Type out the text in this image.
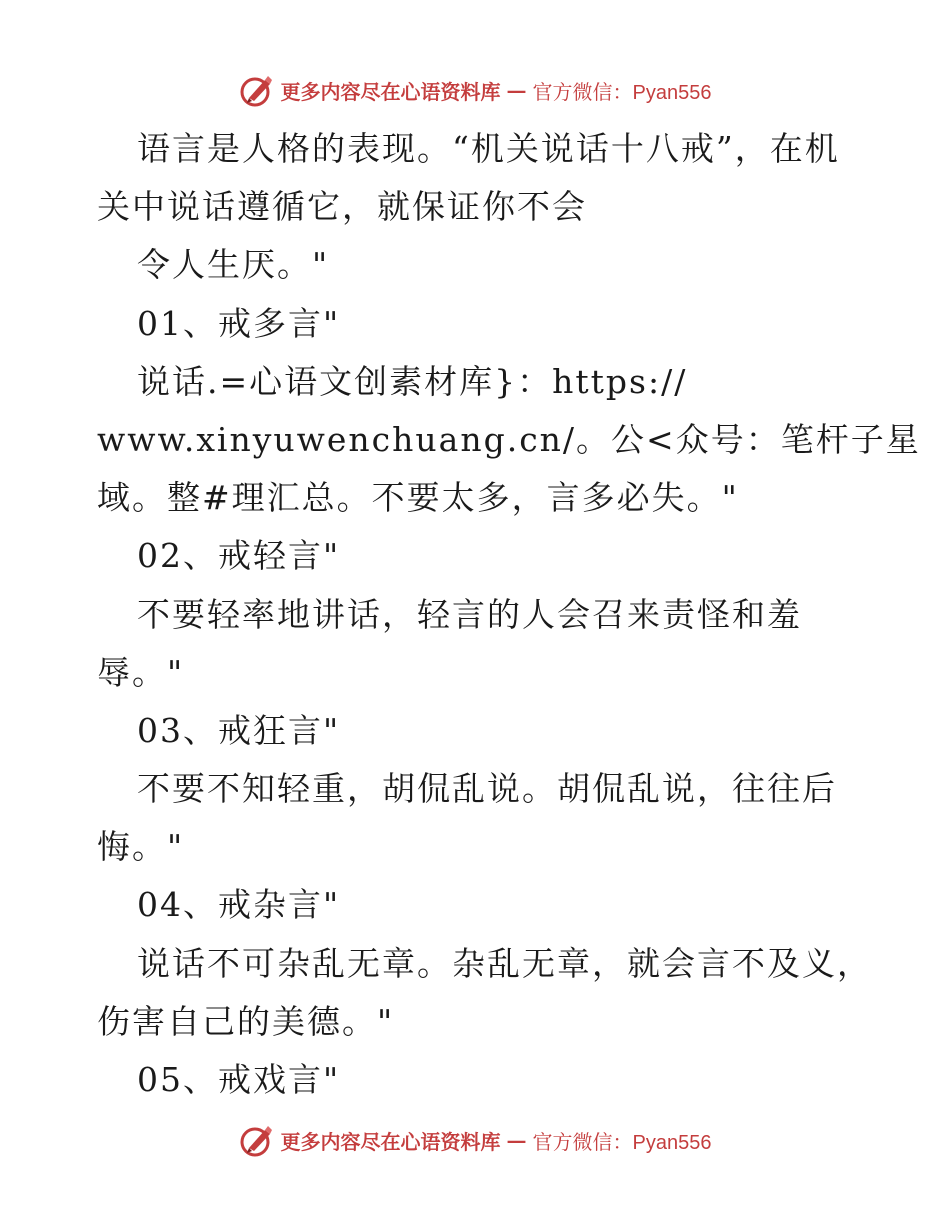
更多内容尽在心语资料库 — 官方微信：Pyan556
语言是人格的表现。“机关说话十八戒”，在机
关中说话遵循它，就保证你不会
令人生厌。"
01、戒多言"
说话.=心语文创素材库}：https://
www.xinyuwenchuang.cn/。公<众号：笔杆子星
域。整#理汇总。不要太多，言多必失。"
02、戒轻言"
不要轻率地讲话，轻言的人会召来责怪和羞
辱。"
03、戒狂言"
不要不知轻重，胡侃乱说。胡侃乱说，往往后
悔。"
04、戒杂言"
说话不可杂乱无章。杂乱无章，就会言不及义，
伤害自己的美德。"
05、戒戏言"
更多内容尽在心语资料库 — 官方微信：Pyan556
